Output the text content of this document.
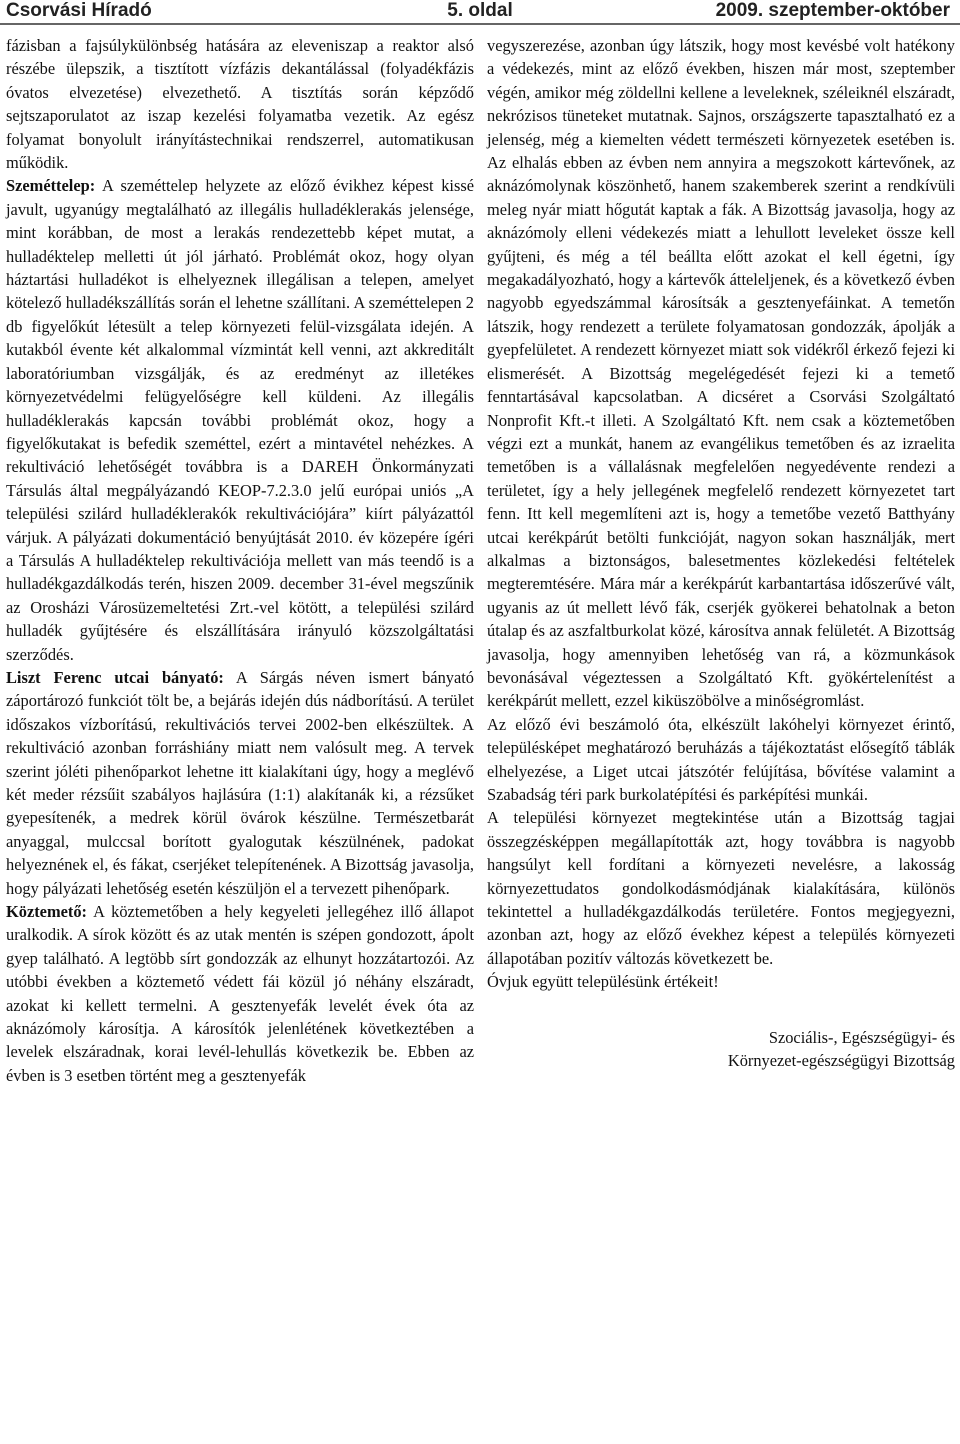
Csorvási Híradó	5. oldal	2009. szeptember-október

fázisban a fajsúlykülönbség hatására az eleveniszap a reaktor alsó részébe ülepszik, a tisztított vízfázis dekantálással (folyadékfázis óvatos elvezetése) elvezethető. A tisztítás során képződő sejtszaporulatot az iszap kezelési folyamatba vezetik. Az egész folyamat bonyolult irányítástechnikai rendszerrel, automatikusan működik.

Szeméttelep: A szeméttelep helyzete az előző évikhez képest kissé javult, ugyanúgy megtalálható az illegális hulladéklerakás jelensége, mint korábban, de most a lerakás rendezettebb képet mutat, a hulladéktelep melletti út jól járható. Problémát okoz, hogy olyan háztartási hulladékot is elhelyeznek illegálisan a telepen, amelyet kötelező hulladékszállítás során el lehetne szállítani. A szeméttelepen 2 db figyelőkút létesült a telep környezeti felül-vizsgálata idején. A kutakból évente két alkalommal vízmintát kell venni, azt akkreditált laboratóriumban vizsgálják, és az eredményt az illetékes környezetvédelmi felügyelőségre kell küldeni. Az illegális hulladéklerakás kapcsán további problémát okoz, hogy a figyelőkutakat is befedik szeméttel, ezért a mintavétel nehézkes. A rekultiváció lehetőségét továbbra is a DAREH Önkormányzati Társulás által megpályázandó KEOP-7.2.3.0 jelű európai uniós „A települési szilárd hulladéklerakók rekultivációjára” kiírt pályázattól várjuk. A pályázati dokumentáció benyújtását 2010. év közepére ígéri a Társulás A hulladéktelep rekultivációja mellett van más teendő is a hulladékgazdálkodás terén, hiszen 2009. december 31-ével megszűnik az Orosházi Városüzemeltetési Zrt.-vel kötött, a települési szilárd hulladék gyűjtésére és elszállítására irányuló közszolgáltatási szerződés.

Liszt Ferenc utcai bányató: A Sárgás néven ismert bányató záportározó funkciót tölt be, a bejárás idején dús nádborítású. A terület időszakos vízborítású, rekultivációs tervei 2002-ben elkészültek. A rekultiváció azonban forráshiány miatt nem valósult meg. A tervek szerint jóléti pihenőparkot lehetne itt kialakítani úgy, hogy a meglévő két meder rézsűit szabályos hajlásúra (1:1) alakítanák ki, a rézsűket gyepesítenék, a medrek körül övárok készülne. Természetbarát anyaggal, mulccsal borított gyalogutak készülnének, padokat helyeznének el, és fákat, cserjéket telepítenének. A Bizottság javasolja, hogy pályázati lehetőség esetén készüljön el a tervezett pihenőpark.

Köztemető: A köztemetőben a hely kegyeleti jellegéhez illő állapot uralkodik. A sírok között és az utak mentén is szépen gondozott, ápolt gyep található. A legtöbb sírt gondozzák az elhunyt hozzátartozói. Az utóbbi években a köztemető védett fái közül jó néhány elszáradt, azokat ki kellett termelni. A gesztenyefák levelét évek óta az aknázómoly károsítja. A károsítók jelenlétének következtében a levelek elszáradnak, korai levél-lehullás következik be. Ebben az évben is 3 esetben történt meg a gesztenyefák

vegyszerezése, azonban úgy látszik, hogy most kevésbé volt hatékony a védekezés, mint az előző években, hiszen már most, szeptember végén, amikor még zöldellni kellene a leveleknek, széleiknél elszáradt, nekrózisos tüneteket mutatnak. Sajnos, országszerte tapasztalható ez a jelenség, még a kiemelten védett természeti környezetek esetében is. Az elhalás ebben az évben nem annyira a megszokott kártevőnek, az aknázómolynak köszönhető, hanem szakemberek szerint a rendkívüli meleg nyár miatt hőgutát kaptak a fák. A Bizottság javasolja, hogy az aknázómoly elleni védekezés miatt a lehullott leveleket össze kell gyűjteni, és még a tél beállta előtt azokat el kell égetni, így megakadályozható, hogy a kártevők átteleljenek, és a következő évben nagyobb egyedszámmal károsítsák a gesztenyefáinkat. A temetőn látszik, hogy rendezett a területe folyamatosan gondozzák, ápolják a gyepfelületet. A rendezett környezet miatt sok vidékről érkező fejezi ki elismerését. A Bizottság megelégedését fejezi ki a temető fenntartásával kapcsolatban. A dicséret a Csorvási Szolgáltató Nonprofit Kft.-t illeti. A Szolgáltató Kft. nem csak a köztemetőben végzi ezt a munkát, hanem az evangélikus temetőben és az izraelita temetőben is a vállalásnak megfelelően negyedévente rendezi a területet, így a hely jellegének megfelelő rendezett környezetet tart fenn. Itt kell megemlíteni azt is, hogy a temetőbe vezető Batthyány utcai kerékpárút betölti funkcióját, nagyon sokan használják, mert alkalmas a biztonságos, balesetmentes közlekedési feltételek megteremtésére. Mára már a kerékpárút karbantartása időszerűvé vált, ugyanis az út mellett lévő fák, cserjék gyökerei behatolnak a beton útalap és az aszfaltburkolat közé, károsítva annak felületét. A Bizottság javasolja, hogy amennyiben lehetőség van rá, a közmunkások bevonásával végeztessen a Szolgáltató Kft. gyökértelenítést a kerékpárút mellett, ezzel kiküszöbölve a minőségromlást.

Az előző évi beszámoló óta, elkészült lakóhelyi környezet érintő, településképet meghatározó beruházás a tájékoztatást elősegítő táblák elhelyezése, a Liget utcai játszótér felújítása, bővítése valamint a Szabadság téri park burkolatépítési és parképítési munkái.

A települési környezet megtekintése után a Bizottság tagjai összegzésképpen megállapították azt, hogy továbbra is nagyobb hangsúlyt kell fordítani a környezeti nevelésre, a lakosság környezettudatos gondolkodásmódjának kialakítására, különös tekintettel a hulladékgazdálkodás területére. Fontos megjegyezni, azonban azt, hogy az előző évekhez képest a település környezeti állapotában pozitív változás következett be.

Óvjuk együtt településünk értékeit!

Szociális-, Egészségügyi- és
Környezet-egészségügyi Bizottság
